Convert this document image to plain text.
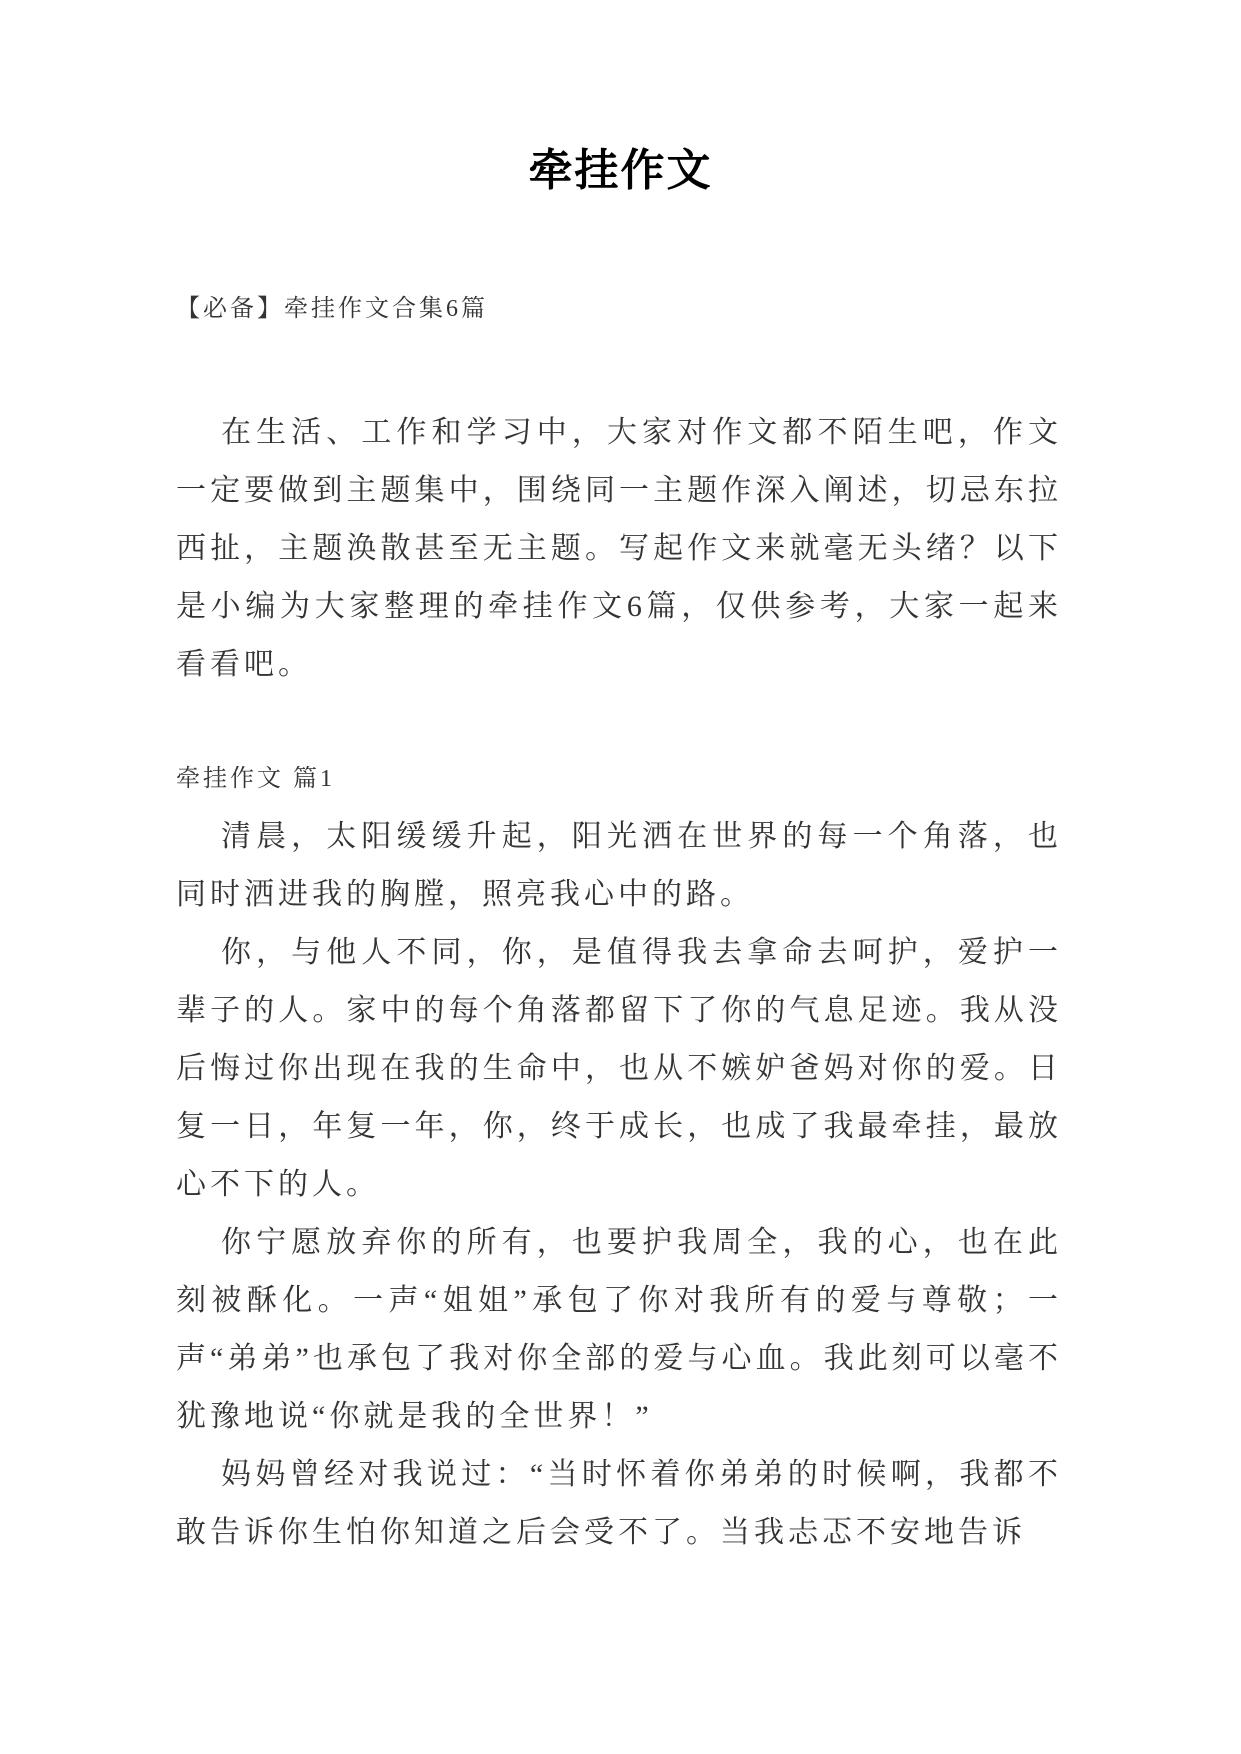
牵挂作文

【必备】牵挂作文合集6篇

在生活、工作和学习中，大家对作文都不陌生吧，作文一定要做到主题集中，围绕同一主题作深入阐述，切忌东拉西扯，主题涣散甚至无主题。写起作文来就毫无头绪？以下是小编为大家整理的牵挂作文6篇，仅供参考，大家一起来看看吧。

牵挂作文 篇1

清晨，太阳缓缓升起，阳光洒在世界的每一个角落，也同时洒进我的胸膛，照亮我心中的路。

你，与他人不同，你，是值得我去拿命去呵护，爱护一辈子的人。家中的每个角落都留下了你的气息足迹。我从没后悔过你出现在我的生命中，也从不嫉妒爸妈对你的爱。日复一日，年复一年，你，终于成长，也成了我最牵挂，最放心不下的人。

你宁愿放弃你的所有，也要护我周全，我的心，也在此刻被酥化。一声“姐姐”承包了你对我所有的爱与尊敬；一声“弟弟”也承包了我对你全部的爱与心血。我此刻可以毫不犹豫地说“你就是我的全世界！”

妈妈曾经对我说过：“当时怀着你弟弟的时候啊，我都不敢告诉你生怕你知道之后会受不了。当我忐忑不安地告诉
